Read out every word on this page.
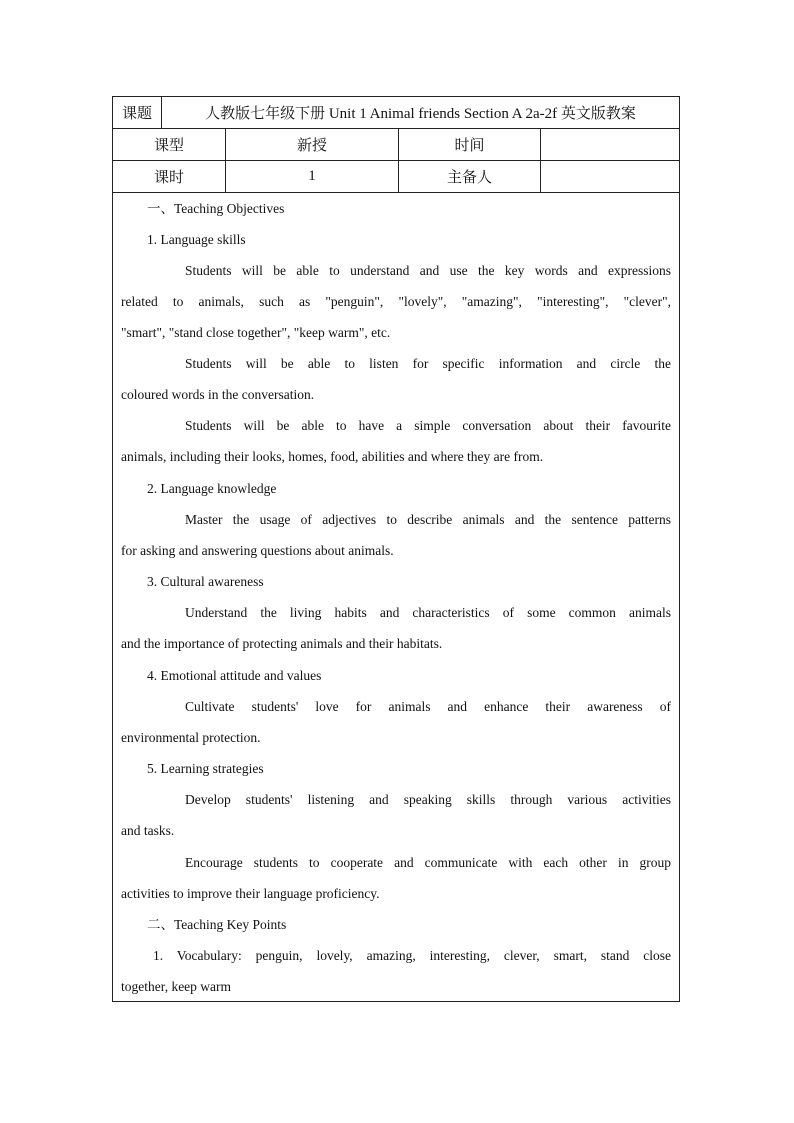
课题	人教版七年级下册 Unit 1 Animal friends Section A 2a-2f 英文版教案
课型	新授	时间
课时	1	主备人
一、Teaching Objectives
1. Language skills
Students will be able to understand and use the key words and expressions
related to animals, such as "penguin", "lovely", "amazing", "interesting", "clever",
"smart", "stand close together", "keep warm", etc.
Students will be able to listen for specific information and circle the
coloured words in the conversation.
Students will be able to have a simple conversation about their favourite
animals, including their looks, homes, food, abilities and where they are from.
2. Language knowledge
Master the usage of adjectives to describe animals and the sentence patterns
for asking and answering questions about animals.
3. Cultural awareness
Understand the living habits and characteristics of some common animals
and the importance of protecting animals and their habitats.
4. Emotional attitude and values
Cultivate students' love for animals and enhance their awareness of
environmental protection.
5. Learning strategies
Develop students' listening and speaking skills through various activities
and tasks.
Encourage students to cooperate and communicate with each other in group
activities to improve their language proficiency.
二、Teaching Key Points
1. Vocabulary: penguin, lovely, amazing, interesting, clever, smart, stand close
together, keep warm
